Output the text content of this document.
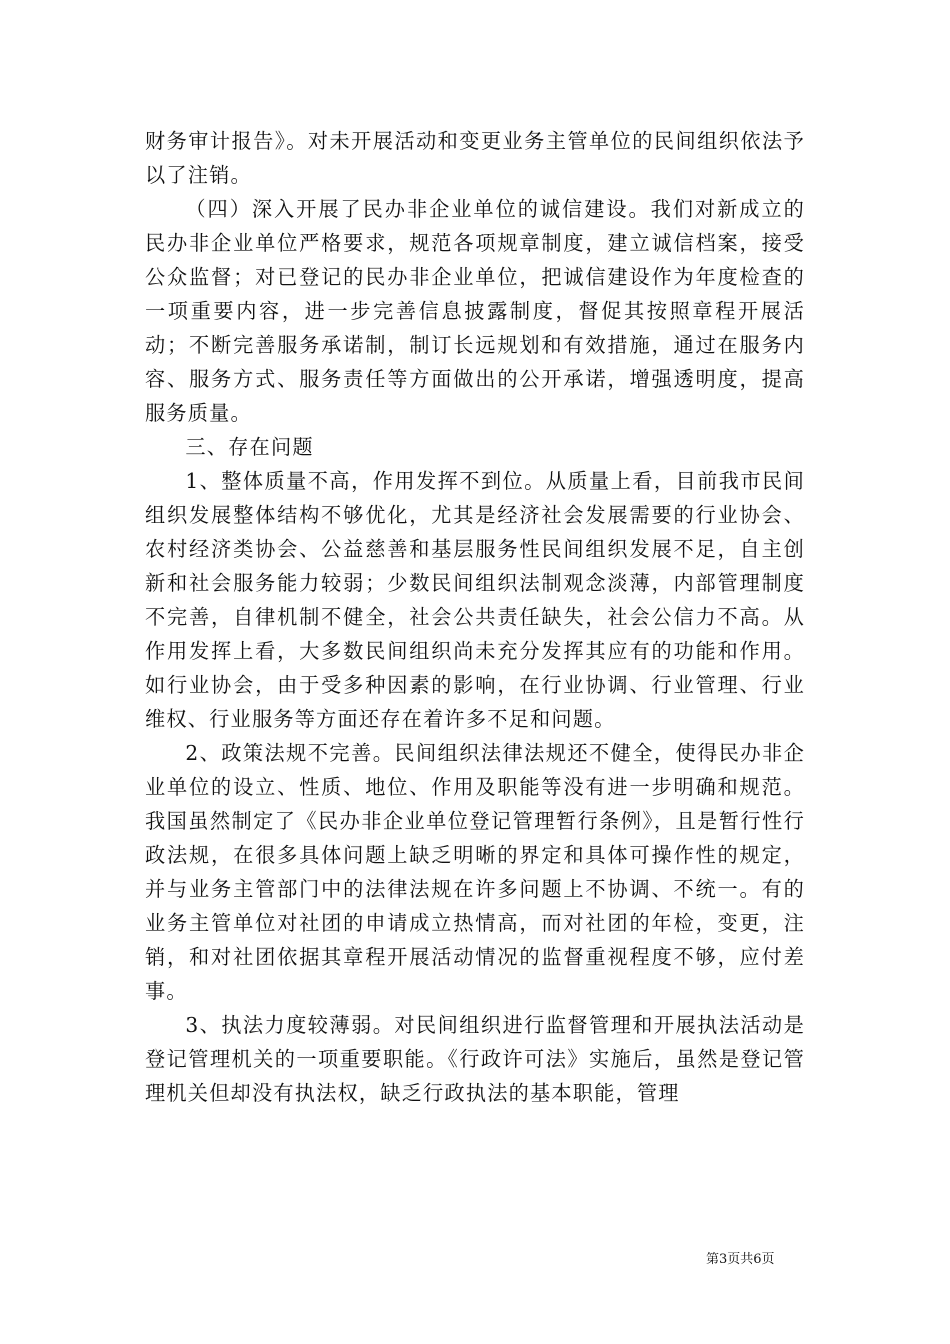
财务审计报告》。对未开展活动和变更业务主管单位的民间组织依法予以了注销。

（四）深入开展了民办非企业单位的诚信建设。我们对新成立的民办非企业单位严格要求，规范各项规章制度，建立诚信档案，接受公众监督；对已登记的民办非企业单位，把诚信建设作为年度检查的一项重要内容，进一步完善信息披露制度，督促其按照章程开展活动；不断完善服务承诺制，制订长远规划和有效措施，通过在服务内容、服务方式、服务责任等方面做出的公开承诺，增强透明度，提高服务质量。

三、存在问题

1、整体质量不高，作用发挥不到位。从质量上看，目前我市民间组织发展整体结构不够优化，尤其是经济社会发展需要的行业协会、农村经济类协会、公益慈善和基层服务性民间组织发展不足，自主创新和社会服务能力较弱；少数民间组织法制观念淡薄，内部管理制度不完善，自律机制不健全，社会公共责任缺失，社会公信力不高。从作用发挥上看，大多数民间组织尚未充分发挥其应有的功能和作用。如行业协会，由于受多种因素的影响，在行业协调、行业管理、行业维权、行业服务等方面还存在着许多不足和问题。

2、政策法规不完善。民间组织法律法规还不健全，使得民办非企业单位的设立、性质、地位、作用及职能等没有进一步明确和规范。我国虽然制定了《民办非企业单位登记管理暂行条例》，且是暂行性行政法规，在很多具体问题上缺乏明晰的界定和具体可操作性的规定，并与业务主管部门中的法律法规在许多问题上不协调、不统一。有的业务主管单位对社团的申请成立热情高，而对社团的年检，变更，注销，和对社团依据其章程开展活动情况的监督重视程度不够，应付差事。

3、执法力度较薄弱。对民间组织进行监督管理和开展执法活动是登记管理机关的一项重要职能。《行政许可法》实施后，虽然是登记管理机关但却没有执法权，缺乏行政执法的基本职能，管理

第3页共6页
